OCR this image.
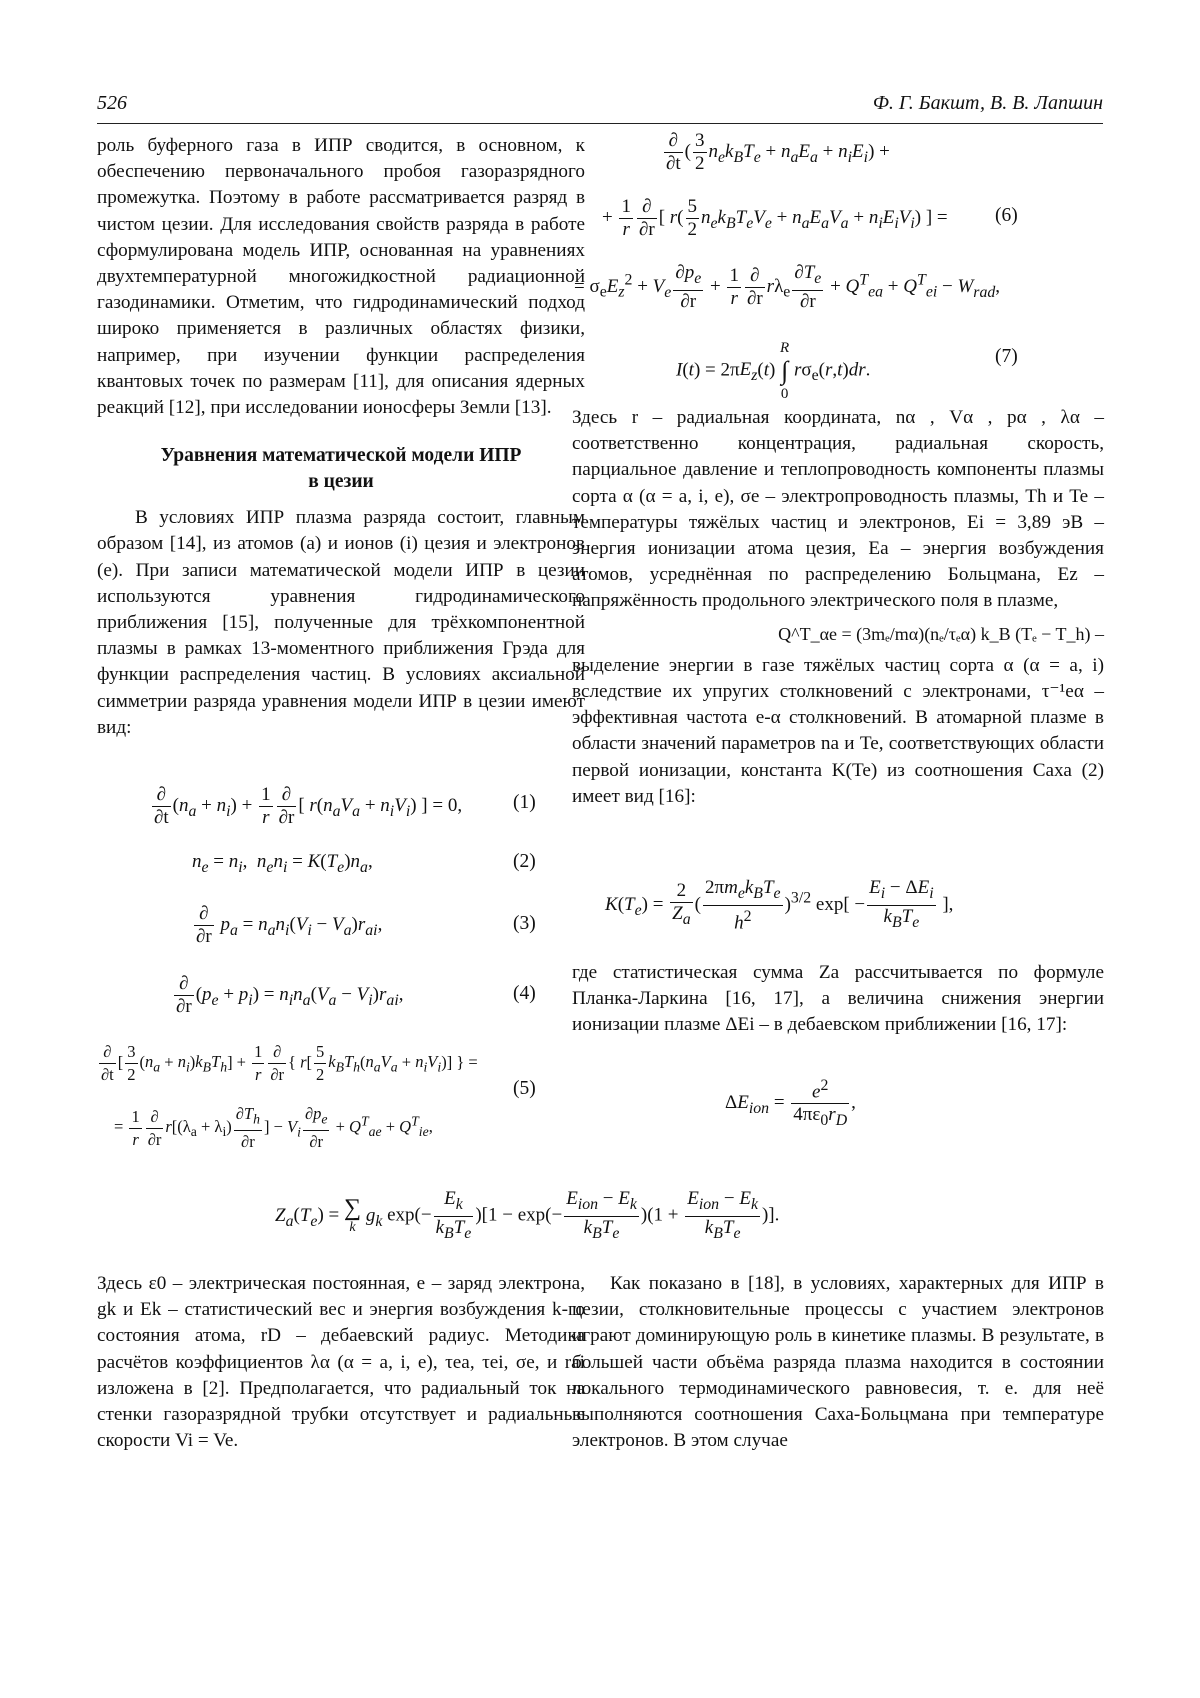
526	Ф. Г. Бакшт, В. В. Лапшин

роль буферного газа в ИПР сводится, в основном, к обеспечению первоначального пробоя газоразрядного промежутка. Поэтому в работе рассматривается разряд в чистом цезии. Для исследования свойств разряда в работе сформулирована модель ИПР, основанная на уравнениях двухтемпературной многожидкостной радиационной газодинамики. Отметим, что гидродинамический подход широко применяется в различных областях физики, например, при изучении функции распределения квантовых точек по размерам [11], для описания ядерных реакций [12], при исследовании ионосферы Земли [13].

Уравнения математической модели ИПР

в цезии

В условиях ИПР плазма разряда состоит, главным образом [14], из атомов (a) и ионов (i) цезия и электронов (e). При записи математической модели ИПР в цезии используются уравнения гидродинамического приближения [15], полученные для трёхкомпонентной плазмы в рамках 13-моментного приближения Грэда для функции распределения частиц. В условиях аксиальной симметрии разряда уравнения модели ИПР в цезии имеют вид:

$\frac{\partial}{\partial t} (n_a + n_i) + \frac{1}{r} \frac{\partial}{\partial r}$ [ $r(n_aV_a + n_iV_i)$ ] = 0,	(1)
$n_e = n_i$,  $n_en_i = K(T_e)n_a$,	(2)
$\frac{\partial}{\partial r} p_a = n_an_i(V_i - V_a)r_{ai}$,	(3)
$\frac{\partial}{\partial r} (p_e + p_i) = n_in_a(V_a - V_i)r_{ai}$,	(4)
$\frac{\partial}{\partial t}$ [ $\frac{3}{2} (n_a + n_i)k_BT_h] + \frac{1}{r} \frac{\partial}{\partial r}$ { $r[ \frac{5}{2} k_BT_h(n_aV_a + n_iV_i)]$ } =
= $\frac{1}{r} \frac{\partial}{\partial r} r[(\lambda_a + \lambda_i) \frac{\partial T_h}{\partial r}$ ] − $V_i \frac{\partial p_e}{\partial r} + Q^T_{ae} + Q^T_{ie}$,
(5)
$\frac{\partial}{\partial t}$ ( $\frac{3}{2} n_ek_BT_e + n_aE_a + n_iE_i$) +
+ $\frac{1}{r} \frac{\partial}{\partial r}$ [ $r( \frac{5}{2} n_ek_BT_eV_e + n_aE_aV_a + n_iE_iV_i)$ ] = (6)
= $\sigma_eE_z^2 + V_e \frac{\partial p_e}{\partial r} + \frac{1}{r} \frac{\partial}{\partial r} r\lambda_e \frac{\partial T_e}{\partial r} + Q^T_{ea} + Q^T_{ei} - W_{rad}$,
$I(t) = 2\pi E_z(t)$
R
∫
0
$r\sigma_e(r,t)dr$.
(7)

Здесь r – радиальная координата, nα , Vα , pα , λα – соответственно концентрация, радиальная скорость, парциальное давление и теплопроводность компоненты плазмы сорта α (α = a, i, e), σe – электропроводность плазмы, Th и Te – температуры тяжёлых частиц и электронов, Ei = 3,89 эВ – энергия ионизации атома цезия, Ea – энергия возбуждения атомов, усреднённая по распределению Больцмана, Ez – напряжённость продольного электрического поля в плазме,

Q^T_αe = (3mₑ/mα)(nₑ/τₑα) k_B (Tₑ − T_h) –

выделение энергии в газе тяжёлых частиц сорта α (α = a, i) вследствие их упругих столкновений с электронами, τ⁻¹eα – эффективная частота e-α столкновений. В атомарной плазме в области значений параметров na и Te, соответствующих области первой ионизации, константа K(Te) из соотношения Саха (2) имеет вид [16]:

$K(T_e) = \frac{2}{Z_a}$ ( $\frac{2\pi m_ek_BT_e}{h^2} )^{3/2}$ $\exp[ - \frac{E_i - \Delta E_i}{k_BT_e}$ ],

где статистическая сумма Za рассчитывается по формуле Планка-Ларкина [16, 17], а величина снижения энергии ионизации плазме ΔEi – в дебаевском приближении [16, 17]:

$\Delta E_{ion} = \frac{e^2}{4\pi\varepsilon_0r_D}$ ,
$Z_a(T_e)$ = ∑
k
$g_k$ $\exp(- \frac{E_k}{k_BT_e} )[1 - \exp(- \frac{E_{ion} - E_k}{k_BT_e} )(1 + \frac{E_{ion} - E_k}{k_BT_e}$ )].

Здесь ε0 – электрическая постоянная, e – заряд электрона, gk и Ek – статистический вес и энергия возбуждения k-го состояния атома, rD – дебаевский радиус. Методика расчётов коэффициентов λα (α = a, i, e), τea, τei, σe, и rai изложена в [2]. Предполагается, что радиальный ток на стенки газоразрядной трубки отсутствует и радиальные скорости Vi = Ve.

Как показано в [18], в условиях, характерных для ИПР в цезии, столкновительные процессы с участием электронов играют доминирующую роль в кинетике плазмы. В результате, в большей части объёма разряда плазма находится в состоянии локального термодинамического равновесия, т. е. для неё выполняются соотношения Саха-Больцмана при температуре электронов. В этом случае
